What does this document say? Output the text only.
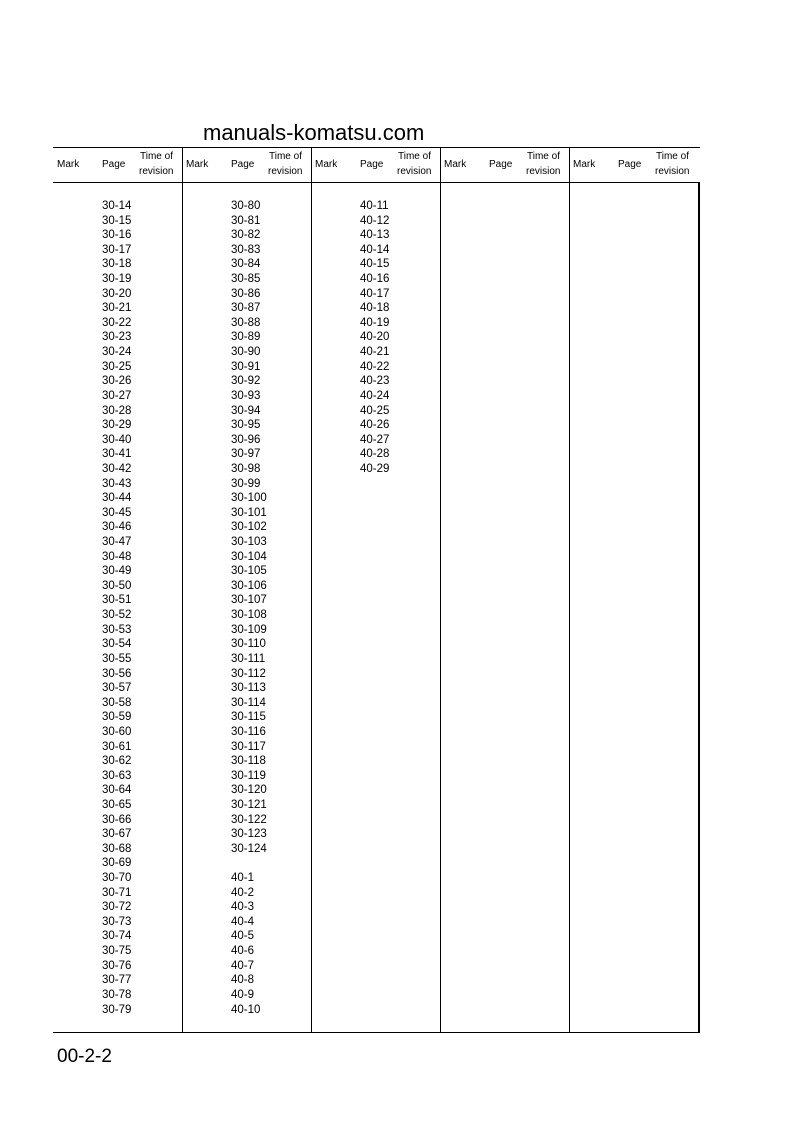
manuals-komatsu.com
Mark Page
Time of
revision
30-14
30-15
30-16
30-17
30-18
30-19
30-20
30-21
30-22
30-23
30-24
30-25
30-26
30-27
30-28
30-29
30-40
30-41
30-42
30-43
30-44
30-45
30-46
30-47
30-48
30-49
30-50
30-51
30-52
30-53
30-54
30-55
30-56
30-57
30-58
30-59
30-60
30-61
30-62
30-63
30-64
30-65
30-66
30-67
30-68
30-69
30-70
30-71
30-72
30-73
30-74
30-75
30-76
30-77
30-78
30-79
Mark Page
Time of
revision
30-80
30-81
30-82
30-83
30-84
30-85
30-86
30-87
30-88
30-89
30-90
30-91
30-92
30-93
30-94
30-95
30-96
30-97
30-98
30-99
30-100
30-101
30-102
30-103
30-104
30-105
30-106
30-107
30-108
30-109
30-110
30-111
30-112
30-113
30-114
30-115
30-116
30-117
30-118
30-119
30-120
30-121
30-122
30-123
30-124
40-1
40-2
40-3
40-4
40-5
40-6
40-7
40-8
40-9
40-10
Mark Page
Time of
revision
40-11
40-12
40-13
40-14
40-15
40-16
40-17
40-18
40-19
40-20
40-21
40-22
40-23
40-24
40-25
40-26
40-27
40-28
40-29
Mark Page
Time of
revision
Mark Page
Time of
revision
00-2-2
